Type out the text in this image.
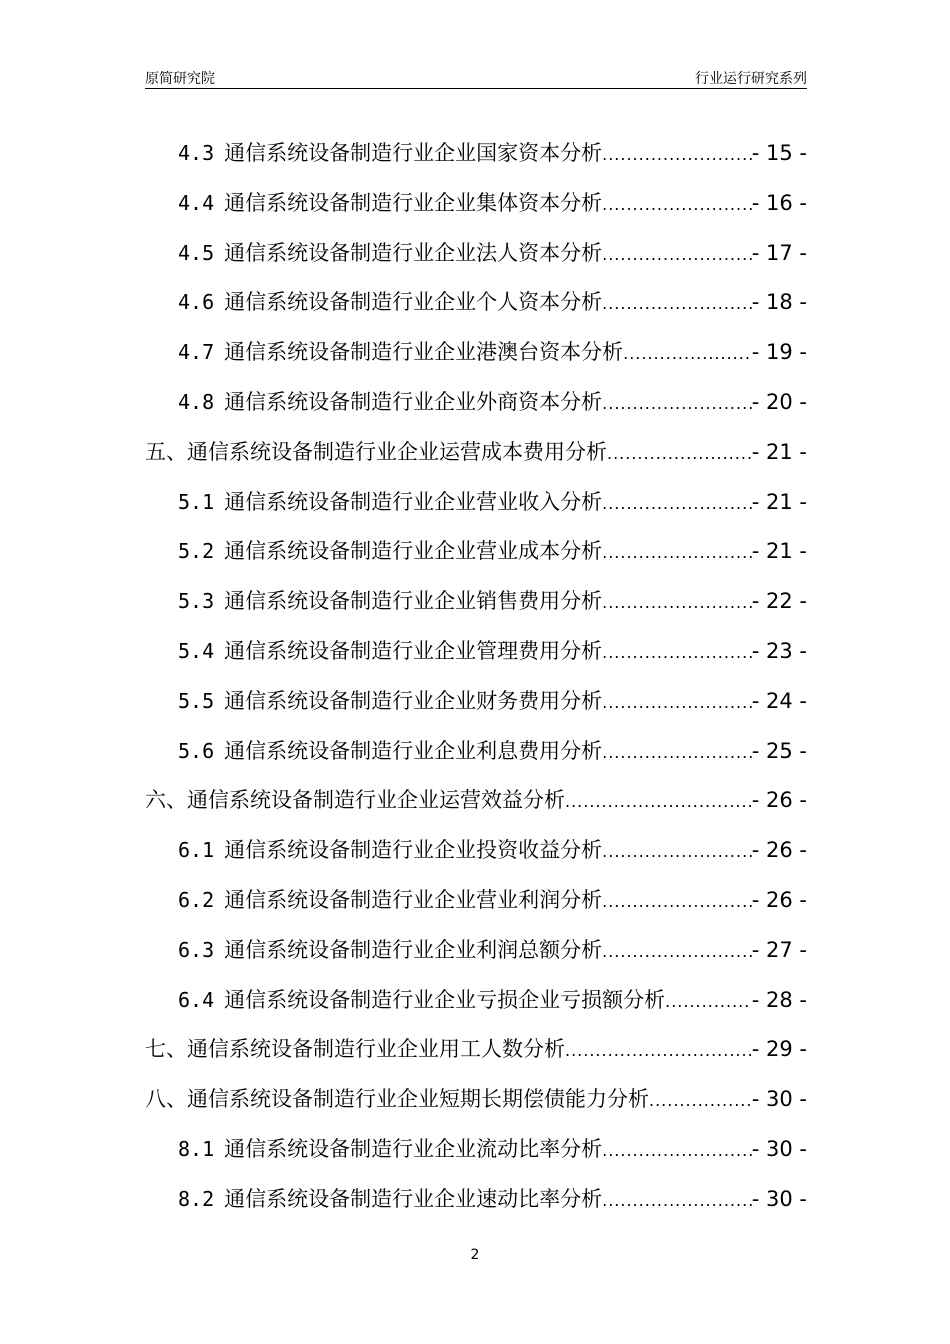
原简研究院	行业运行研究系列
4.3 通信系统设备制造行业企业国家资本分析 .....	- 15 -
4.4 通信系统设备制造行业企业集体资本分析 .....	- 16 -
4.5 通信系统设备制造行业企业法人资本分析 .....	- 17 -
4.6 通信系统设备制造行业企业个人资本分析 .....	- 18 -
4.7 通信系统设备制造行业企业港澳台资本分析 .....	- 19 -
4.8 通信系统设备制造行业企业外商资本分析 .....	- 20 -
五、通信系统设备制造行业企业运营成本费用分析 .....	- 21 -
5.1 通信系统设备制造行业企业营业收入分析 .....	- 21 -
5.2 通信系统设备制造行业企业营业成本分析 .....	- 21 -
5.3 通信系统设备制造行业企业销售费用分析 .....	- 22 -
5.4 通信系统设备制造行业企业管理费用分析 .....	- 23 -
5.5 通信系统设备制造行业企业财务费用分析 .....	- 24 -
5.6 通信系统设备制造行业企业利息费用分析 .....	- 25 -
六、通信系统设备制造行业企业运营效益分析 .....	- 26 -
6.1 通信系统设备制造行业企业投资收益分析 .....	- 26 -
6.2 通信系统设备制造行业企业营业利润分析 .....	- 26 -
6.3 通信系统设备制造行业企业利润总额分析 .....	- 27 -
6.4 通信系统设备制造行业企业亏损企业亏损额分析 .....	- 28 -
七、通信系统设备制造行业企业用工人数分析 .....	- 29 -
八、通信系统设备制造行业企业短期长期偿债能力分析 .....	- 30 -
8.1 通信系统设备制造行业企业流动比率分析 .....	- 30 -
8.2 通信系统设备制造行业企业速动比率分析 .....	- 30 -
2
